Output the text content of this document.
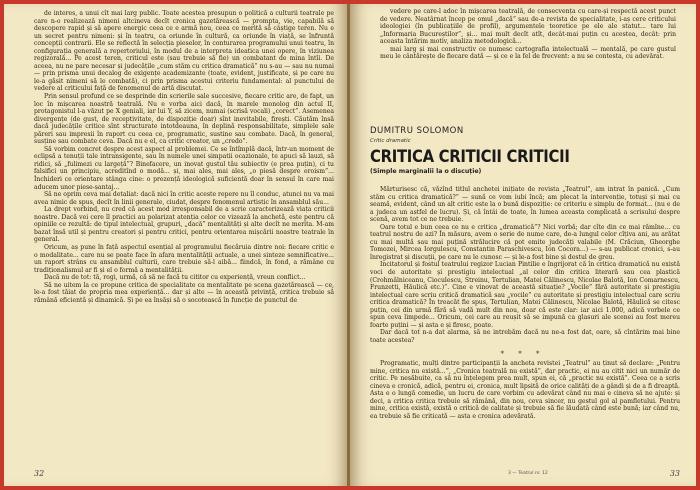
de interes, a unui cît mai larg public. Toate acestea presupun o politică a culturii teatrale pe care n-o realizează nimeni altcineva decît cronica gazetărească — prompta, vie, capabilă să descopere rapid și să apere energic ceea ce e armă nou, ceea ce merită să câștige teren. Nu e un secret pentru nimeni: și în teatru, ca oriunde în cultură, ca oriunde în viață, se înfruntă concepții contrarii. Ele se reflectă în selecția pieselor, în conturarea programului unui teatru, în configurația generală a repertoriului, în modul de a interpreta ideatica unei opere, în viziunea regizorală... Pe acest teren, criticul este (sau trebuie să fie) un combatant de mina întîi. De aceea, nu ne pare necesar și judecățile „cum stăm cu critica dramatică” nu s-au — sau nu numai — prin prisma unui decalog de exigențe academizante (toate, evident, justificate, și pe care nu le-a găsit nimeni să le combată), ci prin prisma acestui criteriu fundamental: al punctului de vedere al criticului față de fenomenul de artă discutat.

Prin sensul profund ce se desprinde din scrierile sale succesive, fiecare critic are, de fapt, un loc în mișcarea noastră teatrală. Nu e vorba aici dacă, în marele monolog din actul II, protagonistul l-a văzut pe X geniali, iar lui Y, să zicem, numai (scrisă vocali) „corect”. Asemenea divergențe (de gust, de receptivitate, de dispoziție doar) sînt inevitabile, firești. Căutăm însă dacă judecățile critice sînt structurate intotdeauna, în deplină responsabilitate, simplele sale păreri sau impresii în raport cu ceea ce, programatic, sustine sau combate. Dacă, în general, susține sau combate ceva. Dacă nu e el, ca critic creator, un „credo”.

Să vorbim concret despre acest aspect al problemei. Ce se întîmplă dacă, într-un moment de eclipsă a tenuții tale intransigente, sau în numele unei simpatii ocazionale, te apuci să lauzi, să ridici, să „fulimezi cu largeță”? Binefacere, un inovat gustul tău subiectiv (e prea puțin), ci tu falsifici un principiu, acreditînd o modă... și, mai ales, mai ales, „o piesă despre eroism”... Închideri ce orientare stânga cine: o prezență ideologică suficientă doar în sensul în care mai aducem unor piese-șantaj...

Să ne oprim ceva mai detaliat: dacă nici în critic aceste repere nu îl conduc, atunci nu va mai avea nimic de spus, decît în linii generale, ciudat, despre fenomenul artistic în ansamblul său...

La drept vorbind, nu cred că acest mod irresponsabil de a scrie caracterizează viața criticii noastre. Dacă vei cere îl practici au polarizat atenția celor ce vizează la anchetă, este pentru că opiniile ce rezultă: de tipul intelectual, grupuri, „dacă” mentalități și alte decît ne merita. M-am bazat însă util și pentru creatori și pentru critici, pentru orientarea mișcării noastre teatrale în general.

Oricum, aș pune în față aspectul esențial al programului fiecăruia dintre noi: fiecare critic e o modalitate... care nu se poate face în afara mentalității actuale, a unei sinteze semnificative... un raport strâns cu ansamblul culturii, care trebuie să-l aibă... fiindcă, în fond, a rămâne cu tradiționalismul ar fi și el o formă a mentalității.

Dacă nu de tot: tă, rogi, urmă, că să ne facă tu cititor cu experiență, vreun conflict...

Să ne uitem la ce propune critica de specialitate ca mentalitate pe scena gazetărească — ce, le-a fost tăiat de propria mea experiență... dar și alte — în această privință, critica trebuie să rămână eficientă și dinamică. Și pe ea însăși să o socotească în funcție de punctul de

32

vedere pe care-l adoc în mișcarea teatrală, de consecvența cu care-și respectă acest punct de vedere. Neatârnat încep pe omul „dacă” sau de-a revista de specialitate, i-aș cere criticului ideologiei (în publicațiile de profil), argumentele teoretice pe ele ale statut... tare lui „Informaria Bucureștilor”, și... mai mult decît atît, decât-mai puțin cu acestea, decât: prin aceasta întărim motiv, analiza metodologică...

mai larg și mai constructiv ce numesc cartografia intelectuală — mentală, pe care gustul meu le cântărește de fiecare dată — și ce e la fel de frecvent: a nu se contesta, cu adevărat.

DUMITRU SOLOMON
Critic dramatic
CRITICA CRITICII CRITICII
(Simple marginalii la o discuție)

Mărturisesc că, văzînd titlul anchetei inițiate de revista „Teatrul”, am intrat în panică. „Cum stăm cu critica dramatică?” — sună ce vom iubi încă; am plecat la intervenție, totuși și mai cu seamă, evident, când un alt critic este la o bună dispoziție: ce criteriu e simplu de format... (nu e de a judeca un astfel de lucru). Și, că întâi de toate, în lumea aceasta complicată a scrisului despre scenă, avem tot ce ne trebuie.

Oare totul e bun ceea ce nu e critica „dramatică”? Nici vorbă; dar cîte din ce mai rămîne... cu teatrul nostru de azi? În măsura, avem o serie de nume care, de-a lungul celor cîțiva ani, au arătat cu mai multă sau mai puțină strălucire că pot emite judecăți valabile (M. Crăciun, Gheorghe Tomozei, Mircea Iorgulescu, Constantin Paraschivescu, Ion Cocora...) — s-au publicat cronici, s-au înregistrat și discuții, pe care nu le cunosc — și le-a fost bine și destul de greu.

Incitatorul și fostul teatrului regizor Lucian Pintilie e îngrijorat că în critica dramatică nu există voci de autoritate și prestigiu intelectual „al celor din critica literară sau cea plastică (Crohmălniceanu, Cioculescu, Streinu, Tertulian, Matei Călinescu, Nicolae Balotă, Ion Comarnescu, Frunzetti, Hăulică etc.)”. Cine e vinovat de această situație? „Vocile” fără autoritate și prestigiu intelectual care scriu critică dramatică sau „vocile” cu autoritate și prestigiu intelectual care scriu critica dramatică? În treacăt fie spus, Tertulian, Matei Călinescu, Nicolae Balotă, Hăulică se citesc puțin, cei din urmă fără să vadă mult din nou, doar că este clar: iar aici 1.000, adică vorbele ce spun ceva limpede... Oricum, cei care au reușit să se impună ca glasuri ale scenei au fost mereu foarte puțini — și asta e și firesc, poate.

Dar dacă tot n-a dat alarma, să ne intrebăm dacă nu ne-a fost dat, oare, să cîntărim mai bine toate acestea?

* * *

Programatic, mulți dintre participanții la ancheta revistei „Teatrul” au ținut să declare: „Pentru mine, critica nu există...”, „Cronica teatrală nu există”, dar practic, ei nu au citit nici un număr de critic. Pe nesăbuite, ca să nu înțelegem prea mult, spun ei, că „practic nu există”. Ceea ce a scris cineva e cronică, adică, pentru ei, cronica, mult lipsită de orice calități de a gândi și de a fi dreaptă. Asta e o lungă comedie, un lucru de care vorbim cu adevărat când nu mai e cineva să ne ajute: și deci, a critica critica trebuie să rămână, din nou, ceva sincer, nu gestul gol al pamfletului. Pentru mine, critica există, există o critică de calitate și trebuie să fie lăudată când este bună; iar când nu, ea trebuie să fie criticată — asta e cronica adevărată.

3 — Teatrul nr. 12	33
